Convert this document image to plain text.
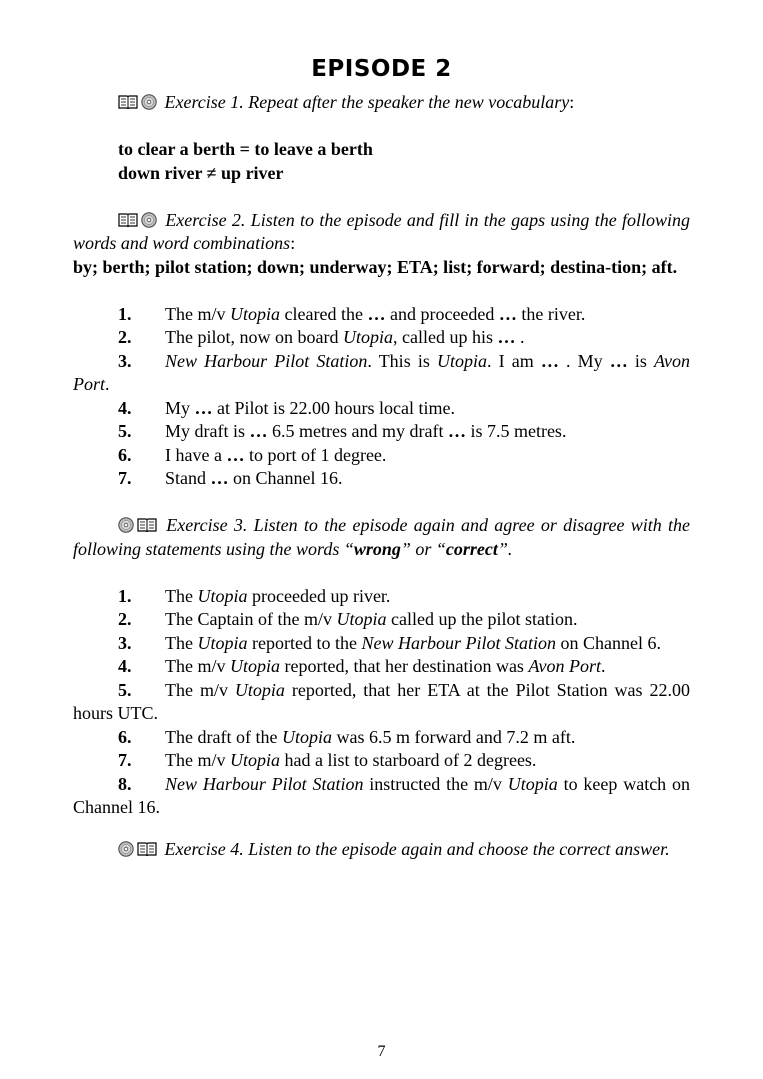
EPISODE 2

Exercise 1. Repeat after the speaker the new vocabulary:

to clear a berth = to leave a berth

down river ≠ up river

Exercise 2. Listen to the episode and fill in the gaps using the following words and word combinations:

by; berth; pilot station; down; underway; ETA; list; forward; destina-tion; aft.

1. The m/v Utopia cleared the … and proceeded … the river.
2. The pilot, now on board Utopia, called up his … .
3. New Harbour Pilot Station. This is Utopia. I am … . My … is Avon Port.
4. My … at Pilot is 22.00 hours local time.
5. My draft is … 6.5 metres and my draft … is 7.5 metres.
6. I have a … to port of 1 degree.
7. Stand … on Channel 16.

Exercise 3. Listen to the episode again and agree or disagree with the following statements using the words “wrong” or “correct”.

1. The Utopia proceeded up river.
2. The Captain of the m/v Utopia called up the pilot station.
3. The Utopia reported to the New Harbour Pilot Station on Channel 6.
4. The m/v Utopia reported, that her destination was Avon Port.
5. The m/v Utopia reported, that her ETA at the Pilot Station was 22.00 hours UTC.
6. The draft of the Utopia was 6.5 m forward and 7.2 m aft.
7. The m/v Utopia had a list to starboard of 2 degrees.
8. New Harbour Pilot Station instructed the m/v Utopia to keep watch on Channel 16.

Exercise 4. Listen to the episode again and choose the correct answer.

7
